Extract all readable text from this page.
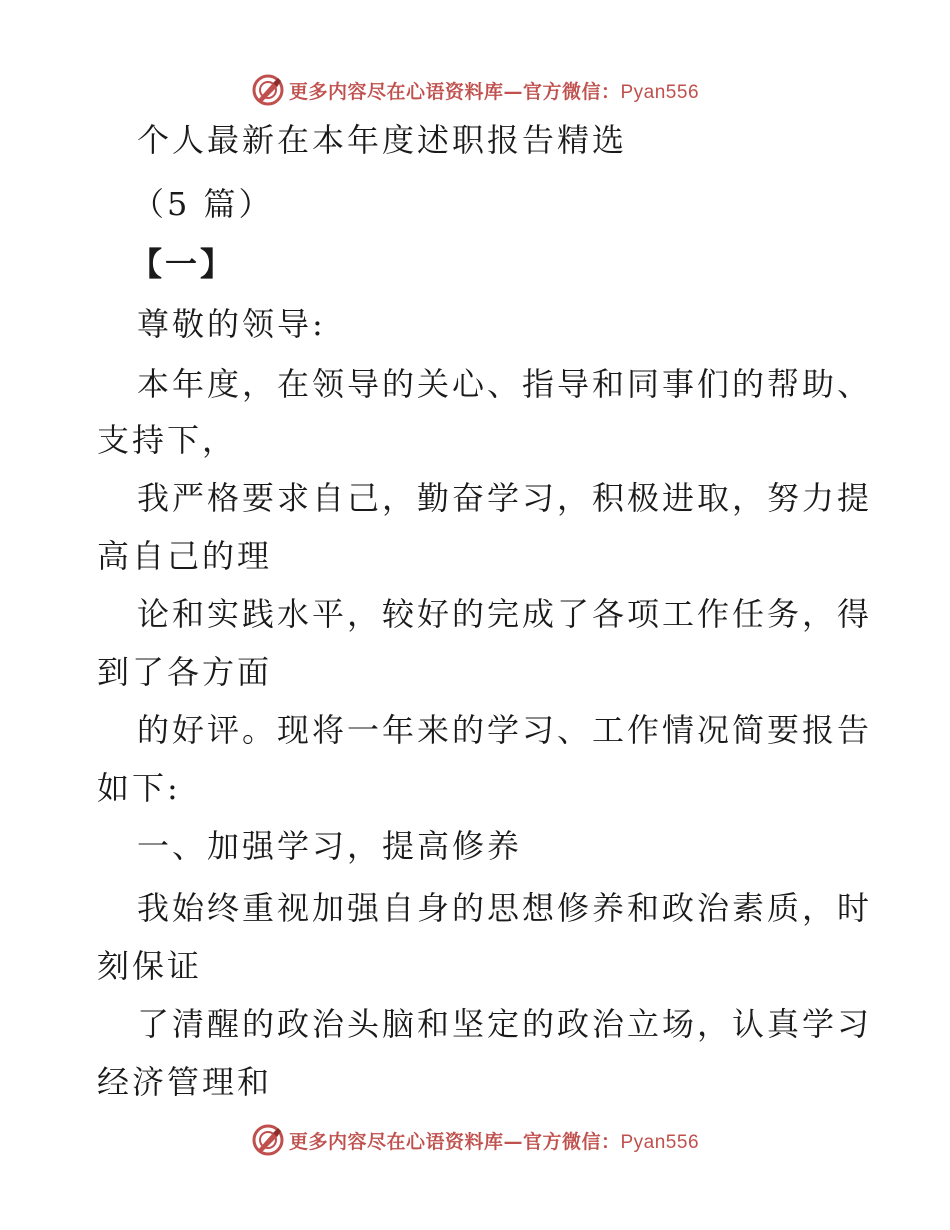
更多内容尽在心语资料库—官方微信：Pyan556
个人最新在本年度述职报告精选
（5 篇）
【一】
尊敬的领导:
本年度，在领导的关心、指导和同事们的帮助、
支持下，
我严格要求自己，勤奋学习，积极进取，努力提
高自己的理
论和实践水平，较好的完成了各项工作任务，得
到了各方面
的好评。现将一年来的学习、工作情况简要报告
如下:
一、加强学习，提高修养
我始终重视加强自身的思想修养和政治素质，时
刻保证
了清醒的政治头脑和坚定的政治立场，认真学习
经济管理和
更多内容尽在心语资料库—官方微信：Pyan556
